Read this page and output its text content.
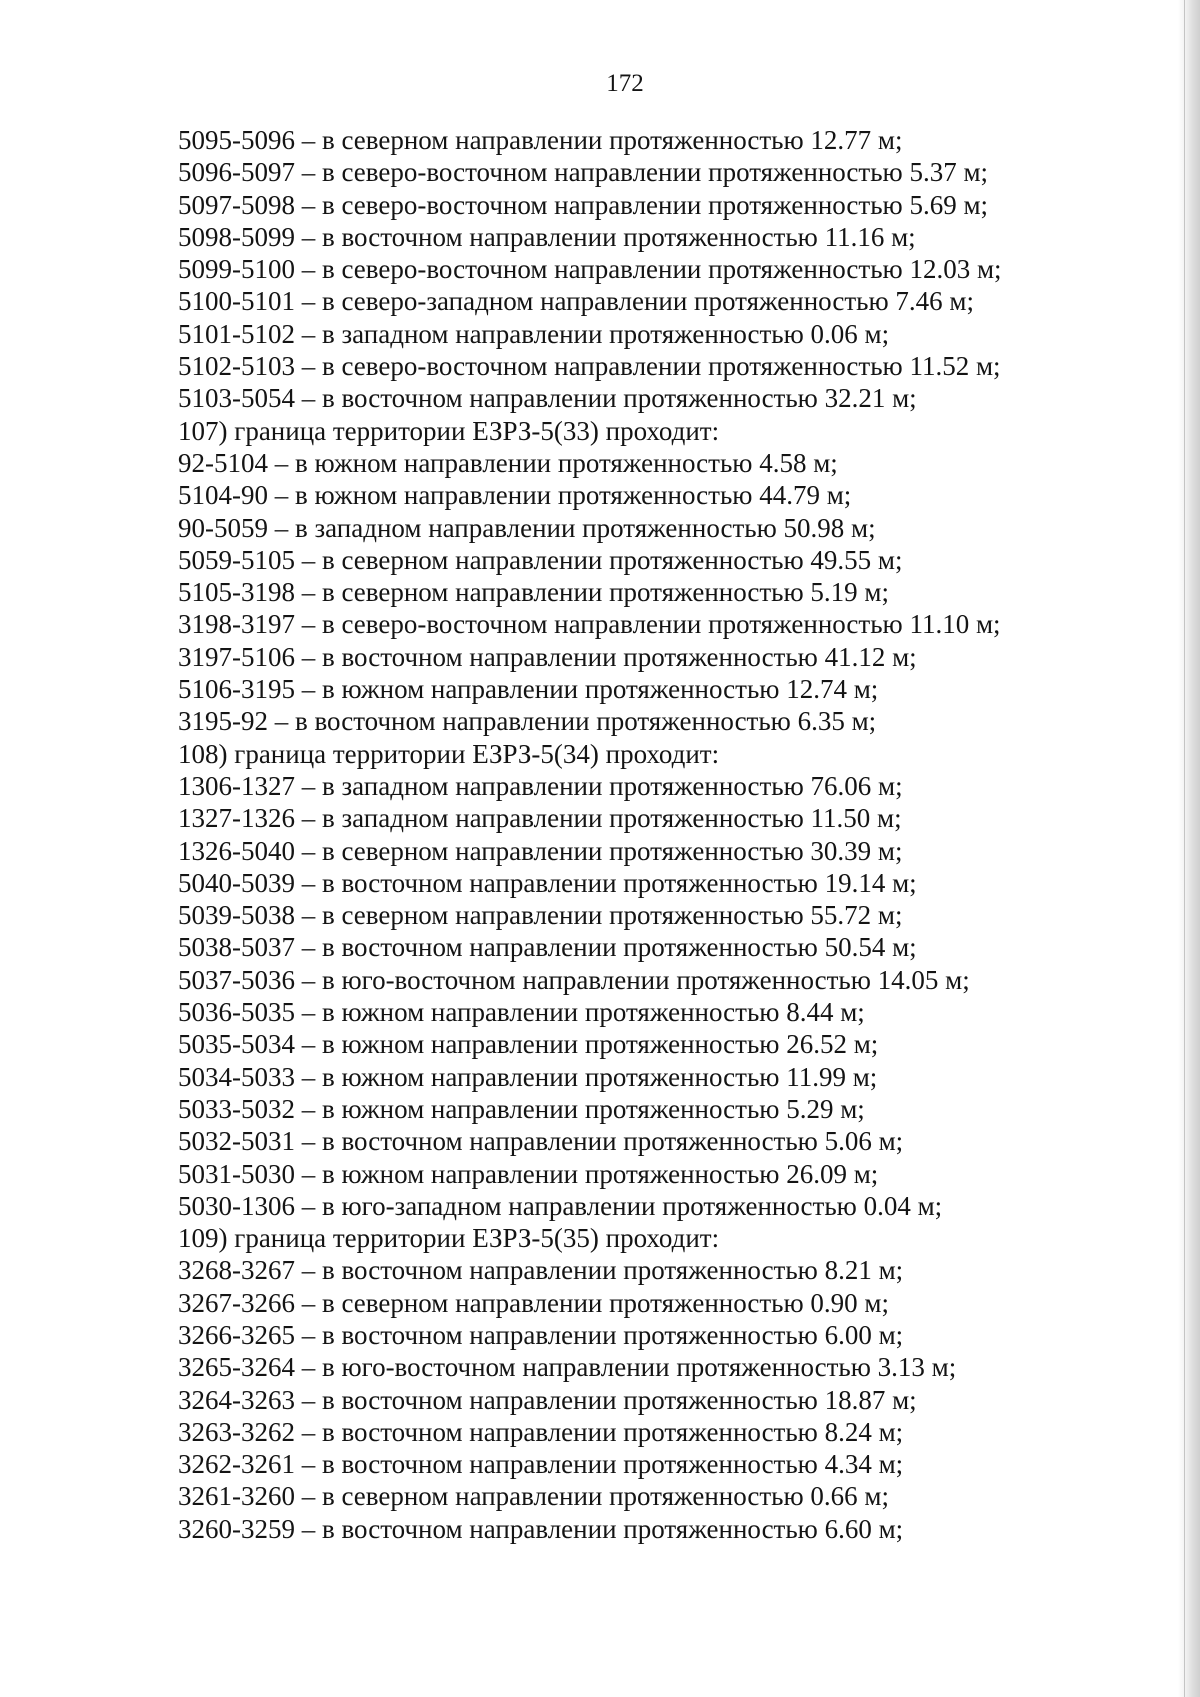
172
5095-5096 – в северном направлении протяженностью 12.77 м;
5096-5097 – в северо-восточном направлении протяженностью 5.37 м;
5097-5098 – в северо-восточном направлении протяженностью 5.69 м;
5098-5099 – в восточном направлении протяженностью 11.16 м;
5099-5100 – в северо-восточном направлении протяженностью 12.03 м;
5100-5101 – в северо-западном направлении протяженностью 7.46 м;
5101-5102 – в западном направлении протяженностью 0.06 м;
5102-5103 – в северо-восточном направлении протяженностью 11.52 м;
5103-5054 – в восточном направлении протяженностью 32.21 м;
107) граница территории ЕЗРЗ-5(33) проходит:
92-5104 – в южном направлении протяженностью 4.58 м;
5104-90 – в южном направлении протяженностью 44.79 м;
90-5059 – в западном направлении протяженностью 50.98 м;
5059-5105 – в северном направлении протяженностью 49.55 м;
5105-3198 – в северном направлении протяженностью 5.19 м;
3198-3197 – в северо-восточном направлении протяженностью 11.10 м;
3197-5106 – в восточном направлении протяженностью 41.12 м;
5106-3195 – в южном направлении протяженностью 12.74 м;
3195-92 – в восточном направлении протяженностью 6.35 м;
108) граница территории ЕЗРЗ-5(34) проходит:
1306-1327 – в западном направлении протяженностью 76.06 м;
1327-1326 – в западном направлении протяженностью 11.50 м;
1326-5040 – в северном направлении протяженностью 30.39 м;
5040-5039 – в восточном направлении протяженностью 19.14 м;
5039-5038 – в северном направлении протяженностью 55.72 м;
5038-5037 – в восточном направлении протяженностью 50.54 м;
5037-5036 – в юго-восточном направлении протяженностью 14.05 м;
5036-5035 – в южном направлении протяженностью 8.44 м;
5035-5034 – в южном направлении протяженностью 26.52 м;
5034-5033 – в южном направлении протяженностью 11.99 м;
5033-5032 – в южном направлении протяженностью 5.29 м;
5032-5031 – в восточном направлении протяженностью 5.06 м;
5031-5030 – в южном направлении протяженностью 26.09 м;
5030-1306 – в юго-западном направлении протяженностью 0.04 м;
109) граница территории ЕЗРЗ-5(35) проходит:
3268-3267 – в восточном направлении протяженностью 8.21 м;
3267-3266 – в северном направлении протяженностью 0.90 м;
3266-3265 – в восточном направлении протяженностью 6.00 м;
3265-3264 – в юго-восточном направлении протяженностью 3.13 м;
3264-3263 – в восточном направлении протяженностью 18.87 м;
3263-3262 – в восточном направлении протяженностью 8.24 м;
3262-3261 – в восточном направлении протяженностью 4.34 м;
3261-3260 – в северном направлении протяженностью 0.66 м;
3260-3259 – в восточном направлении протяженностью 6.60 м;
